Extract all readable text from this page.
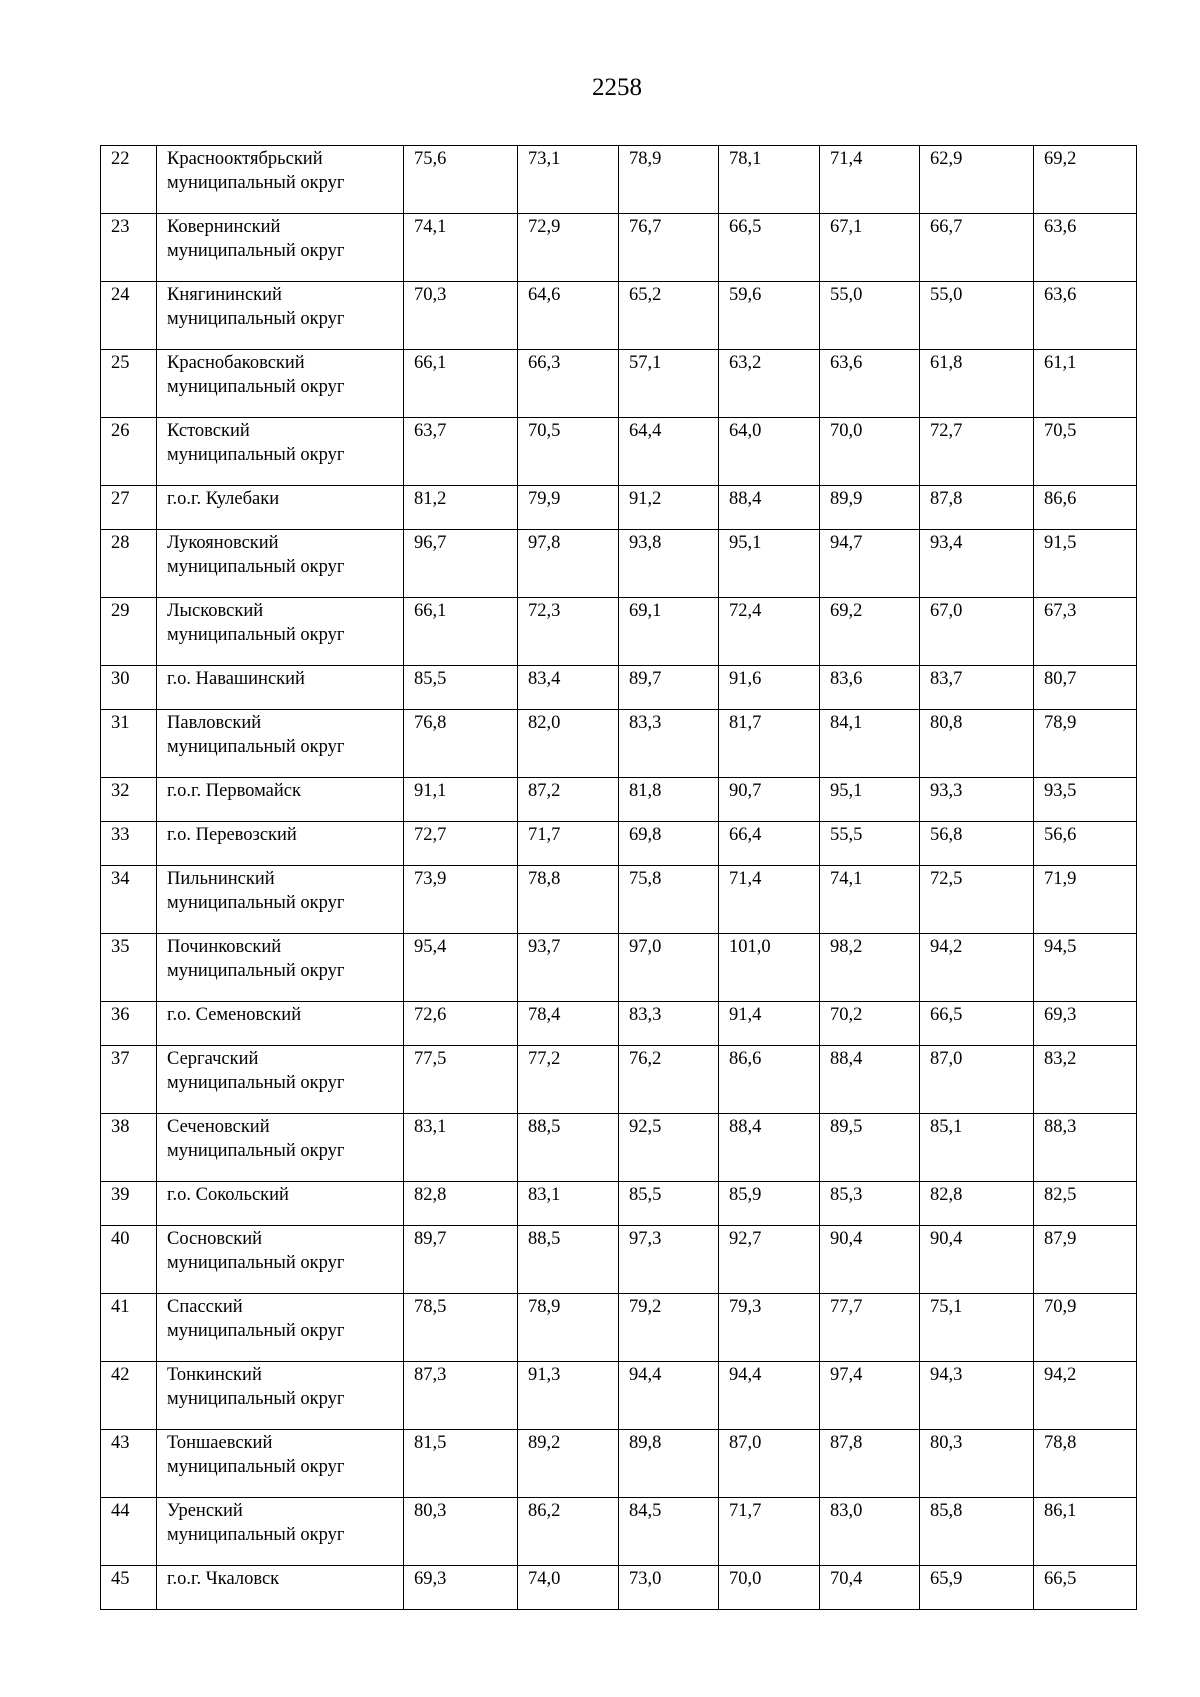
2258
22	Краснооктябрьский
муниципальный округ	75,6	73,1	78,9	78,1	71,4	62,9	69,2
23	Ковернинский
муниципальный округ	74,1	72,9	76,7	66,5	67,1	66,7	63,6
24	Княгининский
муниципальный округ	70,3	64,6	65,2	59,6	55,0	55,0	63,6
25	Краснобаковский
муниципальный округ	66,1	66,3	57,1	63,2	63,6	61,8	61,1
26	Кстовский
муниципальный округ	63,7	70,5	64,4	64,0	70,0	72,7	70,5
27	г.о.г. Кулебаки	81,2	79,9	91,2	88,4	89,9	87,8	86,6
28	Лукояновский
муниципальный округ	96,7	97,8	93,8	95,1	94,7	93,4	91,5
29	Лысковский
муниципальный округ	66,1	72,3	69,1	72,4	69,2	67,0	67,3
30	г.о. Навашинский	85,5	83,4	89,7	91,6	83,6	83,7	80,7
31	Павловский
муниципальный округ	76,8	82,0	83,3	81,7	84,1	80,8	78,9
32	г.о.г. Первомайск	91,1	87,2	81,8	90,7	95,1	93,3	93,5
33	г.о. Перевозский	72,7	71,7	69,8	66,4	55,5	56,8	56,6
34	Пильнинский
муниципальный округ	73,9	78,8	75,8	71,4	74,1	72,5	71,9
35	Починковский
муниципальный округ	95,4	93,7	97,0	101,0	98,2	94,2	94,5
36	г.о. Семеновский	72,6	78,4	83,3	91,4	70,2	66,5	69,3
37	Сергачский
муниципальный округ	77,5	77,2	76,2	86,6	88,4	87,0	83,2
38	Сеченовский
муниципальный округ	83,1	88,5	92,5	88,4	89,5	85,1	88,3
39	г.о. Сокольский	82,8	83,1	85,5	85,9	85,3	82,8	82,5
40	Сосновский
муниципальный округ	89,7	88,5	97,3	92,7	90,4	90,4	87,9
41	Спасский
муниципальный округ	78,5	78,9	79,2	79,3	77,7	75,1	70,9
42	Тонкинский
муниципальный округ	87,3	91,3	94,4	94,4	97,4	94,3	94,2
43	Тоншаевский
муниципальный округ	81,5	89,2	89,8	87,0	87,8	80,3	78,8
44	Уренский
муниципальный округ	80,3	86,2	84,5	71,7	83,0	85,8	86,1
45	г.о.г. Чкаловск	69,3	74,0	73,0	70,0	70,4	65,9	66,5
